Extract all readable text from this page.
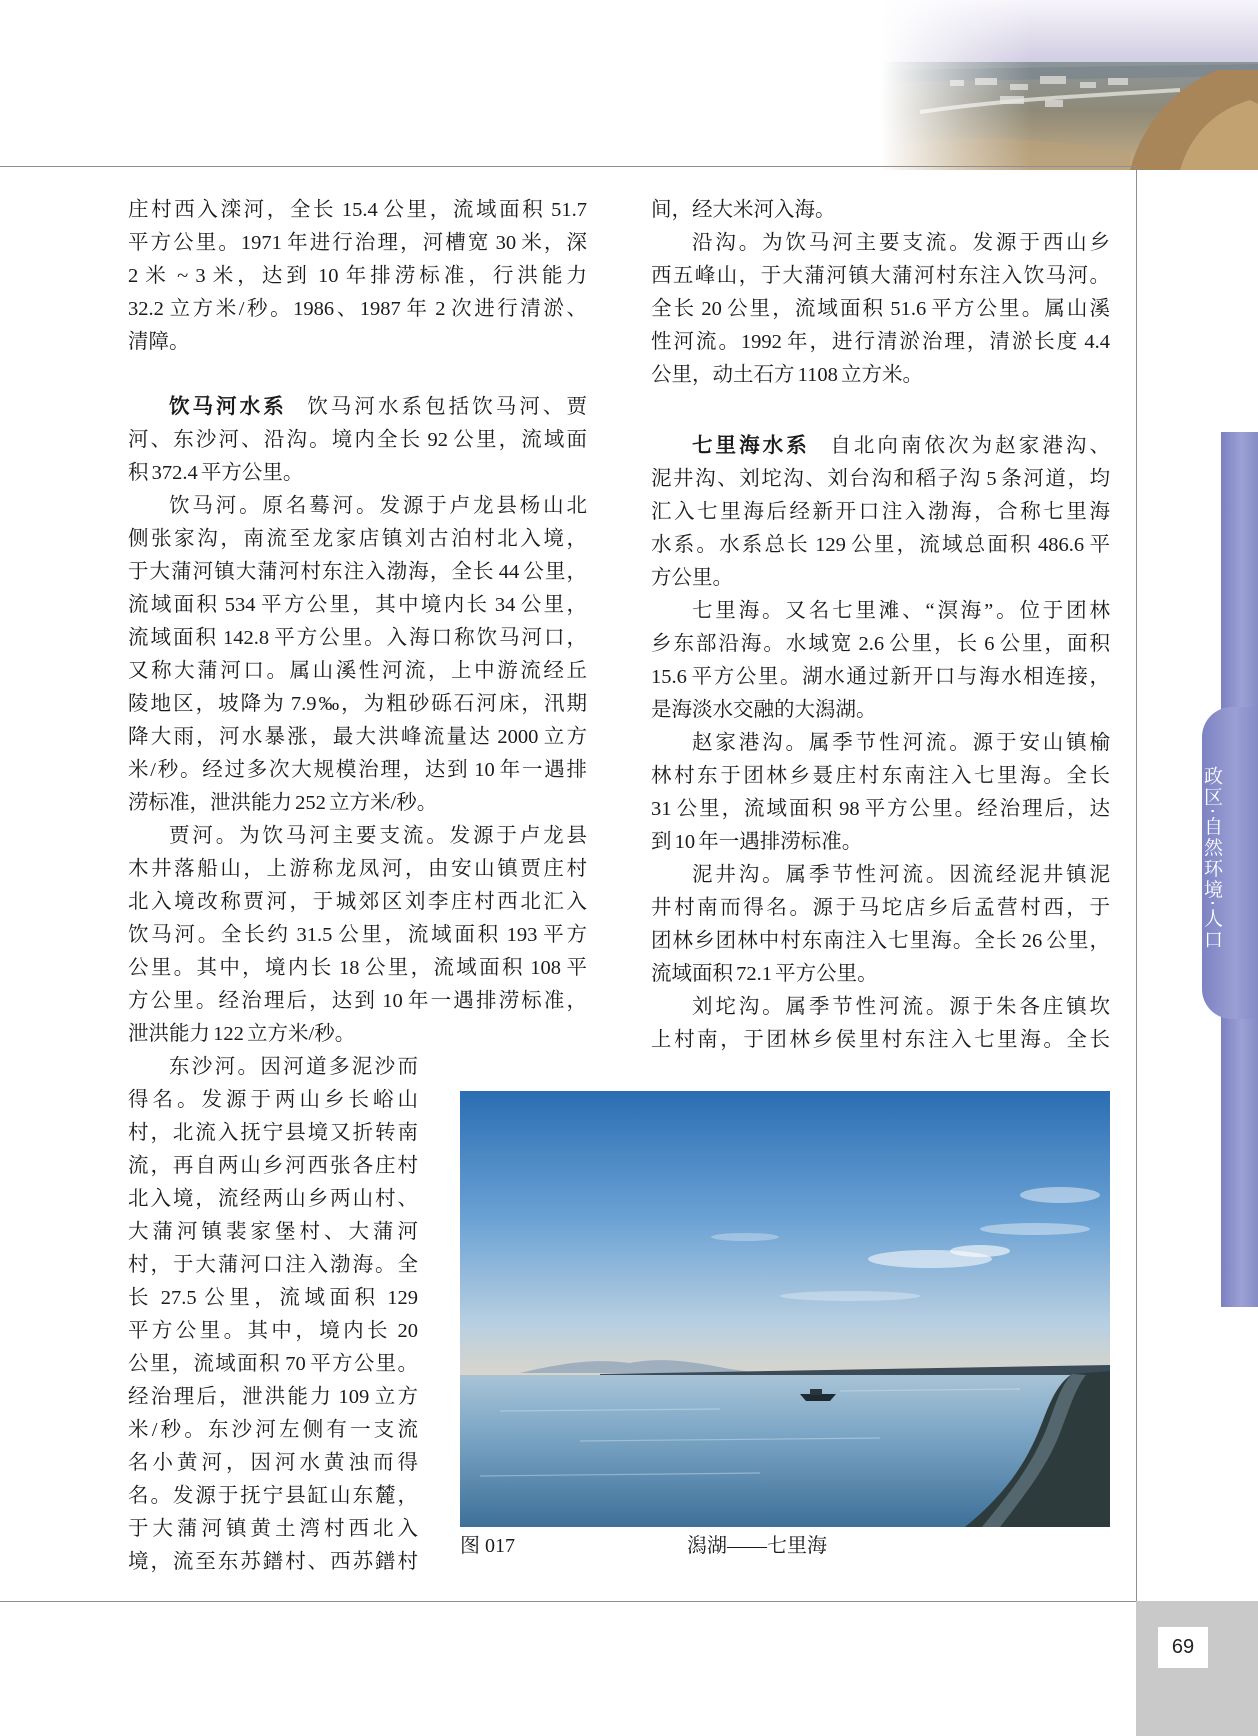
庄村西入滦河，全长 15.4 公里，流域面积 51.7
平方公里。1971 年进行治理，河槽宽 30 米，深
2 米 ~ 3 米，达到 10 年排涝标准，行洪能力
32.2 立方米/秒。1986、1987 年 2 次进行清淤、
清障。
饮马河水系 饮马河水系包括饮马河、贾
河、东沙河、沿沟。境内全长 92 公里，流域面
积 372.4 平方公里。
饮马河。原名蓦河。发源于卢龙县杨山北
侧张家沟，南流至龙家店镇刘古泊村北入境，
于大蒲河镇大蒲河村东注入渤海，全长 44 公里，
流域面积 534 平方公里，其中境内长 34 公里，
流域面积 142.8 平方公里。入海口称饮马河口，
又称大蒲河口。属山溪性河流，上中游流经丘
陵地区，坡降为 7.9‰，为粗砂砾石河床，汛期
降大雨，河水暴涨，最大洪峰流量达 2000 立方
米/秒。经过多次大规模治理，达到 10 年一遇排
涝标准，泄洪能力 252 立方米/秒。
贾河。为饮马河主要支流。发源于卢龙县
木井落船山，上游称龙凤河，由安山镇贾庄村
北入境改称贾河，于城郊区刘李庄村西北汇入
饮马河。全长约 31.5 公里，流域面积 193 平方
公里。其中，境内长 18 公里，流域面积 108 平
方公里。经治理后，达到 10 年一遇排涝标准，
泄洪能力 122 立方米/秒。
东沙河。因河道多泥沙而
得名。发源于两山乡长峪山
村，北流入抚宁县境又折转南
流，再自两山乡河西张各庄村
北入境，流经两山乡两山村、
大蒲河镇裴家堡村、大蒲河
村，于大蒲河口注入渤海。全
长 27.5 公里，流域面积 129
平方公里。其中，境内长 20
公里，流域面积 70 平方公里。
经治理后，泄洪能力 109 立方
米/秒。东沙河左侧有一支流
名小黄河，因河水黄浊而得
名。发源于抚宁县缸山东麓，
于大蒲河镇黄土湾村西北入
境，流至东苏鐠村、西苏鐠村
间，经大米河入海。
沿沟。为饮马河主要支流。发源于西山乡
西五峰山，于大蒲河镇大蒲河村东注入饮马河。
全长 20 公里，流域面积 51.6 平方公里。属山溪
性河流。1992 年，进行清淤治理，清淤长度 4.4
公里，动土石方 1108 立方米。
七里海水系 自北向南依次为赵家港沟、
泥井沟、刘坨沟、刘台沟和稻子沟 5 条河道，均
汇入七里海后经新开口注入渤海，合称七里海
水系。水系总长 129 公里，流域总面积 486.6 平
方公里。
七里海。又名七里滩、“溟海”。位于团林
乡东部沿海。水域宽 2.6 公里，长 6 公里，面积
15.6 平方公里。湖水通过新开口与海水相连接，
是海淡水交融的大潟湖。
赵家港沟。属季节性河流。源于安山镇榆
林村东于团林乡聂庄村东南注入七里海。全长
31 公里，流域面积 98 平方公里。经治理后，达
到 10 年一遇排涝标准。
泥井沟。属季节性河流。因流经泥井镇泥
井村南而得名。源于马坨店乡后孟营村西，于
团林乡团林中村东南注入七里海。全长 26 公里，
流域面积 72.1 平方公里。
刘坨沟。属季节性河流。源于朱各庄镇坎
上村南，于团林乡侯里村东注入七里海。全长
图 017	潟湖——七里海
政区·自然环境·人口
69
